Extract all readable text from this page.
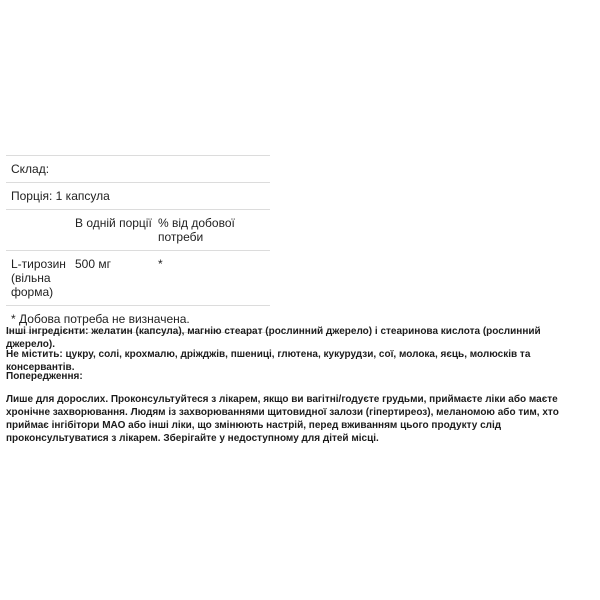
Склад:
Порція: 1 капсула
В одній порції % від добової потреби
L-тирозин (вільна форма)
500 мг	*
* Добова потреба не визначена.
Інші інгредієнти: желатин (капсула), магнію стеарат (рослинний джерело) і стеаринова кислота (рослинний джерело).
Не містить: цукру, солі, крохмалю, дріжджів, пшениці, глютена, кукурудзи, сої, молока, яєць, молюсків та консервантів.
Попередження:
Лише для дорослих. Проконсультуйтеся з лікарем, якщо ви вагітні/годуєте грудьми, приймаєте ліки або маєте хронічне захворювання. Людям із захворюваннями щитовидної залози (гіпертиреоз), меланомою або тим, хто приймає інгібітори МАО або інші ліки, що змінюють настрій, перед вживанням цього продукту слід проконсультуватися з лікарем. Зберігайте у недоступному для дітей місці.
